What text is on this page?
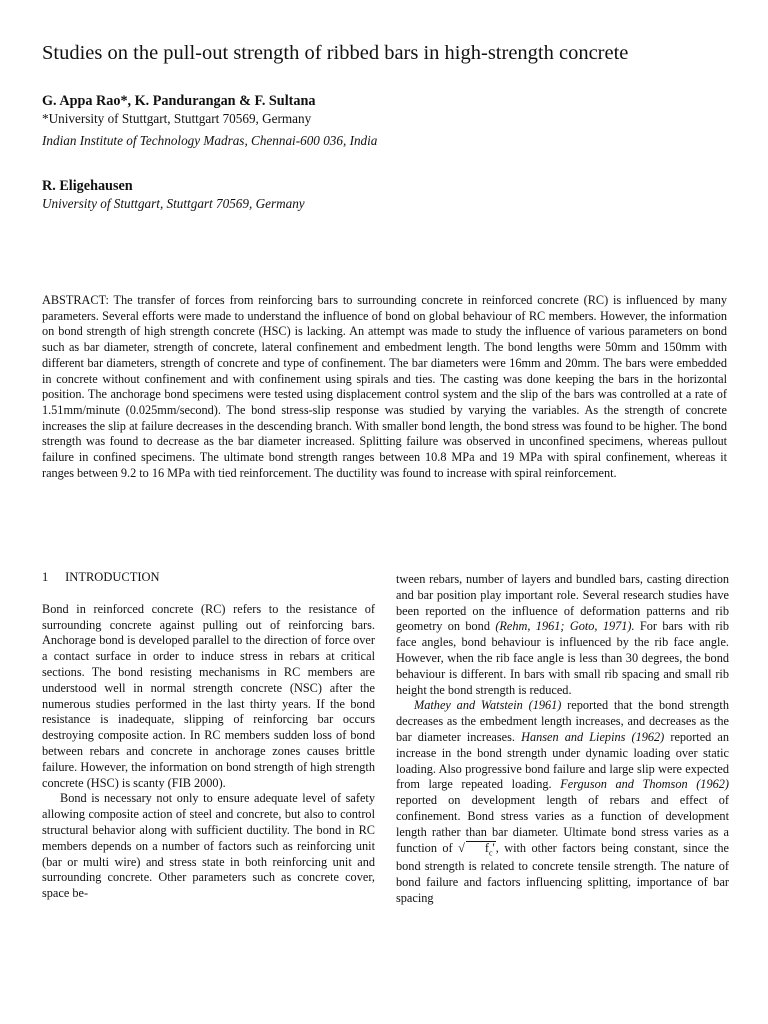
Studies on the pull-out strength of ribbed bars in high-strength concrete
G. Appa Rao*, K. Pandurangan & F. Sultana
*University of Stuttgart, Stuttgart 70569, Germany
Indian Institute of Technology Madras, Chennai-600 036, India
R. Eligehausen
University of Stuttgart, Stuttgart 70569, Germany
ABSTRACT: The transfer of forces from reinforcing bars to surrounding concrete in reinforced concrete (RC) is influenced by many parameters. Several efforts were made to understand the influence of bond on global behaviour of RC members. However, the information on bond strength of high strength concrete (HSC) is lacking. An attempt was made to study the influence of various parameters on bond such as bar diameter, strength of concrete, lateral confinement and embedment length. The bond lengths were 50mm and 150mm with different bar diameters, strength of concrete and type of confinement. The bar diameters were 16mm and 20mm. The bars were embedded in concrete without confinement and with confinement using spirals and ties. The casting was done keeping the bars in the horizontal position. The anchorage bond specimens were tested using displacement control system and the slip of the bars was controlled at a rate of 1.51mm/minute (0.025mm/second). The bond stress-slip response was studied by varying the variables. As the strength of concrete increases the slip at failure decreases in the descending branch. With smaller bond length, the bond stress was found to be higher. The bond strength was found to decrease as the bar diameter increased. Splitting failure was observed in unconfined specimens, whereas pullout failure in confined specimens. The ultimate bond strength ranges between 10.8 MPa and 19 MPa with spiral confinement, whereas it ranges between 9.2 to 16 MPa with tied reinforcement. The ductility was found to increase with spiral reinforcement.
1 INTRODUCTION

Bond in reinforced concrete (RC) refers to the resistance of surrounding concrete against pulling out of reinforcing bars. Anchorage bond is developed parallel to the direction of force over a contact surface in order to induce stress in rebars at critical sections. The bond resisting mechanisms in RC members are understood well in normal strength concrete (NSC) after the numerous studies performed in the last thirty years. If the bond resistance is inadequate, slipping of reinforcing bar occurs destroying composite action. In RC members sudden loss of bond between rebars and concrete in anchorage zones causes brittle failure. However, the information on bond strength of high strength concrete (HSC) is scanty (FIB 2000).

Bond is necessary not only to ensure adequate level of safety allowing composite action of steel and concrete, but also to control structural behavior along with sufficient ductility. The bond in RC members depends on a number of factors such as reinforcing unit (bar or multi wire) and stress state in both reinforcing unit and surrounding concrete. Other parameters such as concrete cover, space be-

tween rebars, number of layers and bundled bars, casting direction and bar position play important role. Several research studies have been reported on the influence of deformation patterns and rib geometry on bond (Rehm, 1961; Goto, 1971). For bars with rib face angles, bond behaviour is influenced by the rib face angle. However, when the rib face angle is less than 30 degrees, the bond behaviour is different. In bars with small rib spacing and small rib height the bond strength is reduced.

Mathey and Watstein (1961) reported that the bond strength decreases as the embedment length increases, and decreases as the bar diameter increases. Hansen and Liepins (1962) reported an increase in the bond strength under dynamic loading over static loading. Also progressive bond failure and large slip were expected from large repeated loading. Ferguson and Thomson (1962) reported on development length of rebars and effect of confinement. Bond stress varies as a function of development length rather than bar diameter. Ultimate bond stress varies as a function of √ $f_c'$, with other factors being constant, since the bond strength is related to concrete tensile strength. The nature of bond failure and factors influencing splitting, importance of bar spacing
